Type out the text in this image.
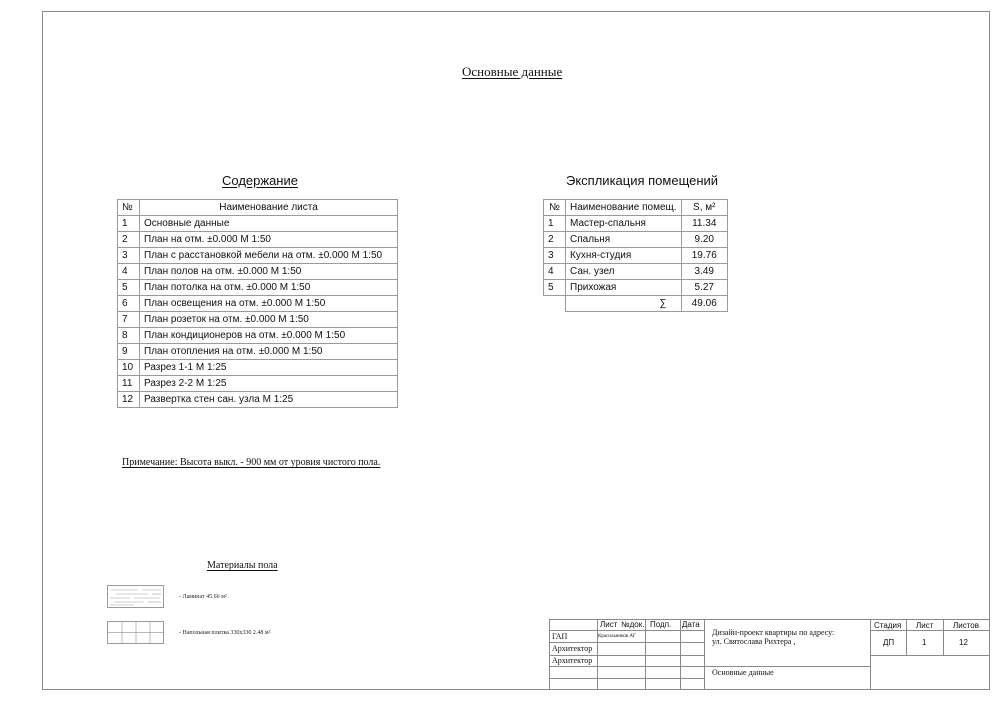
Основные данные
Содержание
№	Наименование листа
1	Основные данные
2	План на отм. ±0.000 М 1:50
3	План с расстановкой мебели на отм. ±0.000 М 1:50
4	План полов на отм. ±0.000 М 1:50
5	План потолка на отм. ±0.000 М 1:50
6	План освещения на отм. ±0.000 М 1:50
7	План розеток на отм. ±0.000 М 1:50
8	План кондиционеров на отм. ±0.000 М 1:50
9	План отопления на отм. ±0.000 М 1:50
10	Разрез 1-1 М 1:25
11	Разрез 2-2 М 1:25
12	Развертка стен сан. узла М 1:25
Экспликация помещений
№	Наименование помещ.	S, м²
1	Мастер-спальня	11.34
2	Спальня	9.20
3	Кухня-студия	19.76
4	Сан. узел	3.49
5	Прихожая	5.27
	∑	49.06
Примечание: Высота выкл. - 900 мм от уровия чистого пола.
Материалы пола
- Ламинат 45.66 м²
- Напольная плитка 330х330 2.48 м²
Лист №док. Подп. Дата
ГАП	Красильников АГ
Архитектор
Архитектор
Дизайн-проект квартиры по адресу:
ул. Святослава Рихтера ,
Основные данные
Стадия Лист Листов
ДП	1	12
